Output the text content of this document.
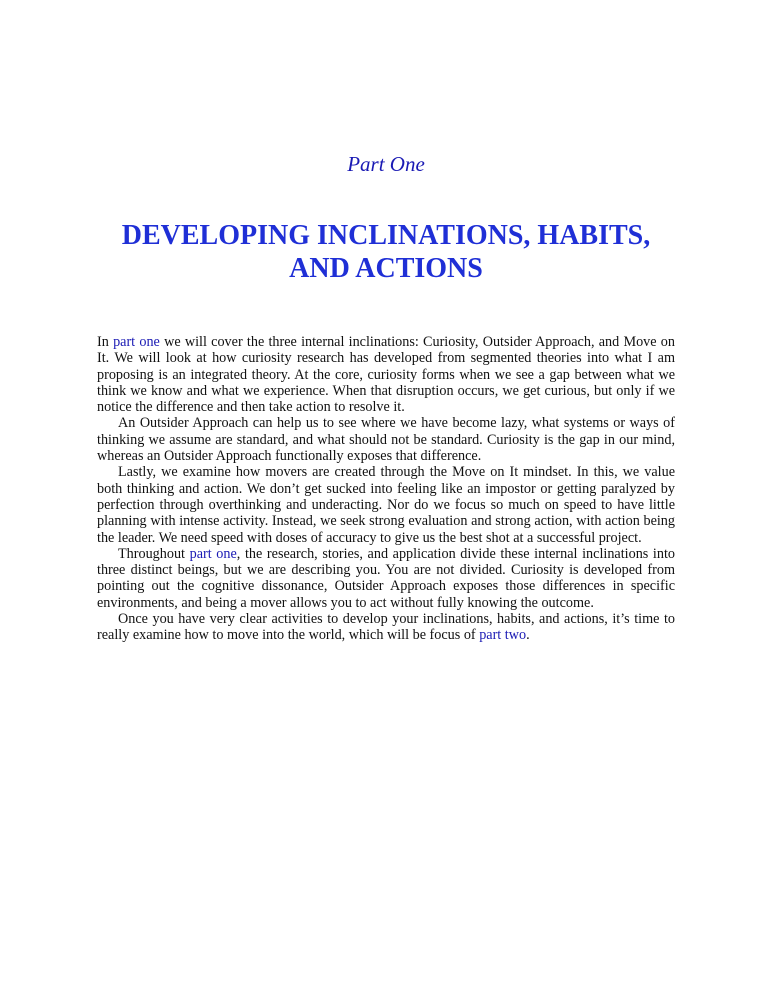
Part One

DEVELOPING INCLINATIONS, HABITS, AND ACTIONS

In part one we will cover the three internal inclinations: Curiosity, Outsider Approach, and Move on It. We will look at how curiosity research has developed from segmented theories into what I am proposing is an integrated theory. At the core, curiosity forms when we see a gap between what we think we know and what we experience. When that disruption occurs, we get curious, but only if we notice the difference and then take action to resolve it.

An Outsider Approach can help us to see where we have become lazy, what systems or ways of thinking we assume are standard, and what should not be standard. Curiosity is the gap in our mind, whereas an Outsider Approach functionally exposes that difference.

Lastly, we examine how movers are created through the Move on It mindset. In this, we value both thinking and action. We don’t get sucked into feeling like an impostor or getting paralyzed by perfection through overthinking and underacting. Nor do we focus so much on speed to have little planning with intense activity. Instead, we seek strong evaluation and strong action, with action being the leader. We need speed with doses of accuracy to give us the best shot at a successful project.

Throughout part one, the research, stories, and application divide these internal inclinations into three distinct beings, but we are describing you. You are not divided. Curiosity is developed from pointing out the cognitive dissonance, Outsider Approach exposes those differences in specific environments, and being a mover allows you to act without fully knowing the outcome.

Once you have very clear activities to develop your inclinations, habits, and actions, it’s time to really examine how to move into the world, which will be focus of part two.
